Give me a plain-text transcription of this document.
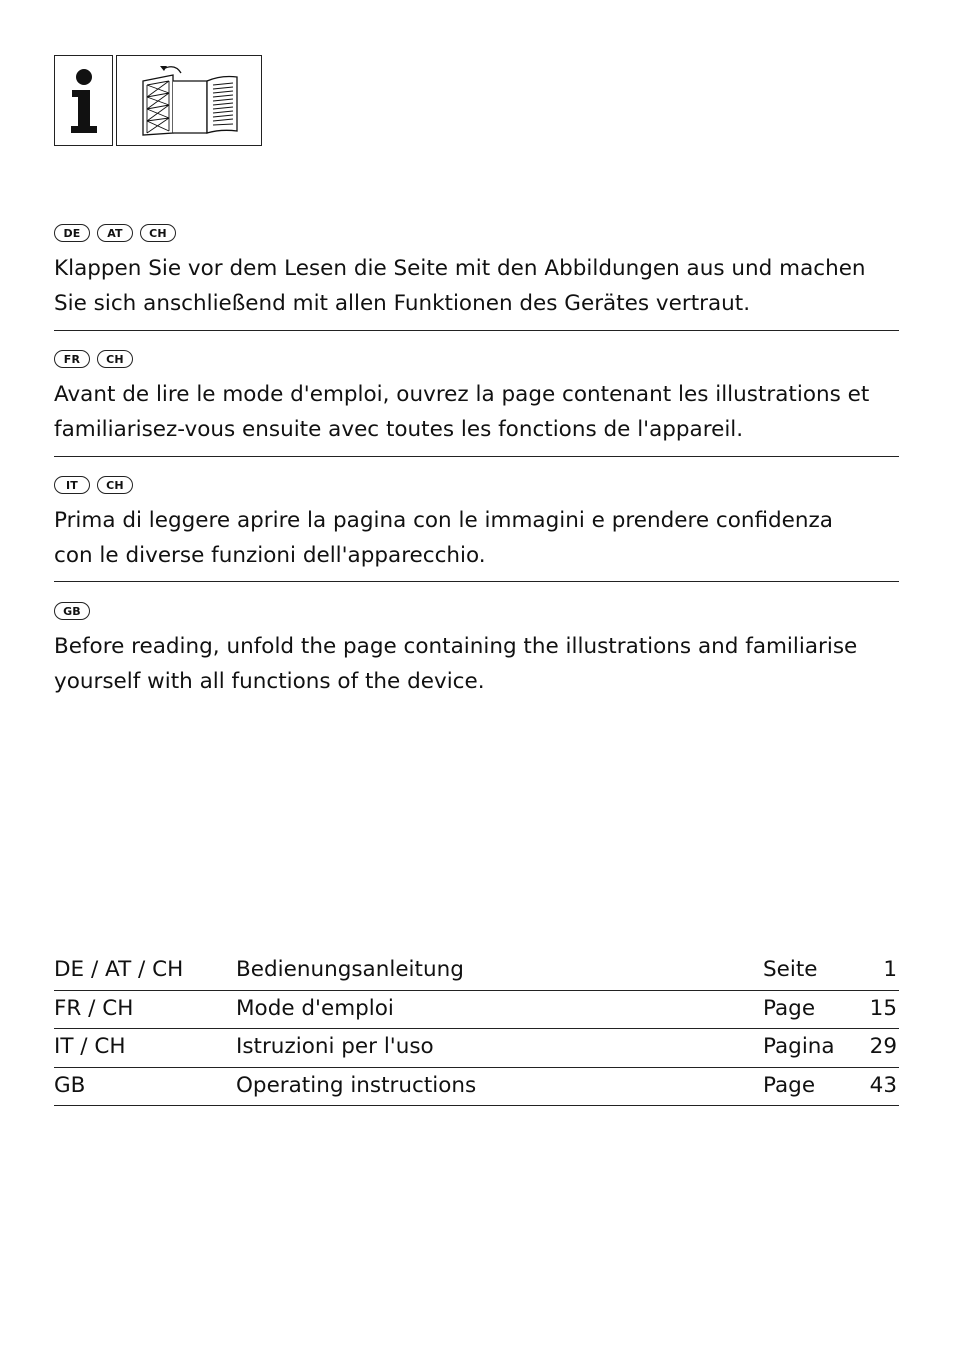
DE	AT	CH
Klappen Sie vor dem Lesen die Seite mit den Abbildungen aus und machen
Sie sich anschließend mit allen Funktionen des Gerätes vertraut.
FR	CH
Avant de lire le mode d'emploi, ouvrez la page contenant les illustrations et
familiarisez-vous ensuite avec toutes les fonctions de l'appareil.
IT	CH
Prima di leggere aprire la pagina con le immagini e prendere confidenza
con le diverse funzioni dell'apparecchio.
GB
Before reading, unfold the page containing the illustrations and familiarise
yourself with all functions of the device.
DE / AT / CH Bedienungsanleitung	Seite	1
FR / CH	Mode d'emploi	Page	15
IT / CH	Istruzioni per l'uso	Pagina 29
GB	Operating instructions	Page	43
